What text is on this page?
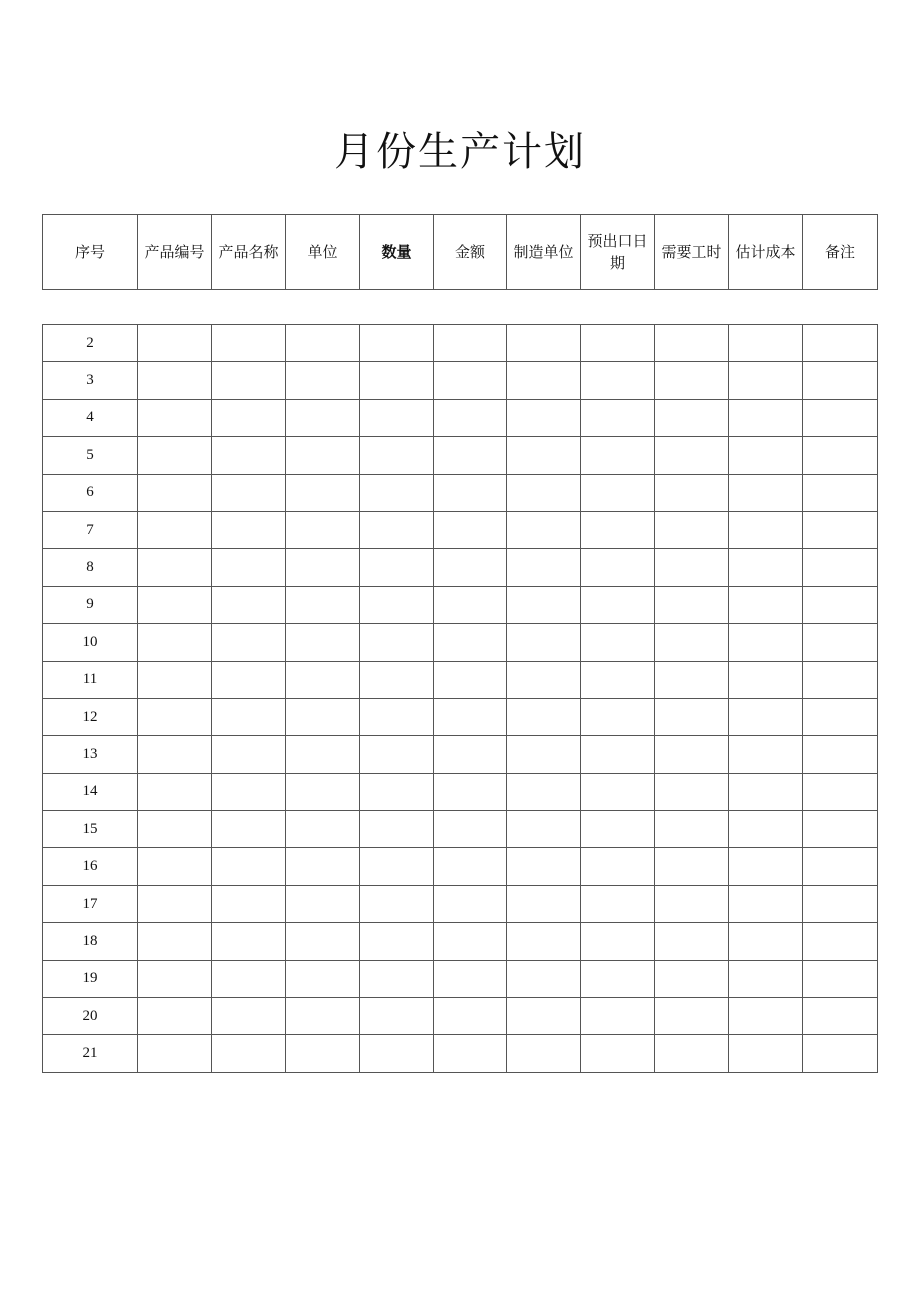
月份生产计划
序号	产品编号	产品名称	单位	数量	金额	制造单位	预出口日期	需要工时	估计成本	备注
2										
3										
4										
5										
6										
7										
8										
9										
10										
11										
12										
13										
14										
15										
16										
17										
18										
19										
20										
21										
